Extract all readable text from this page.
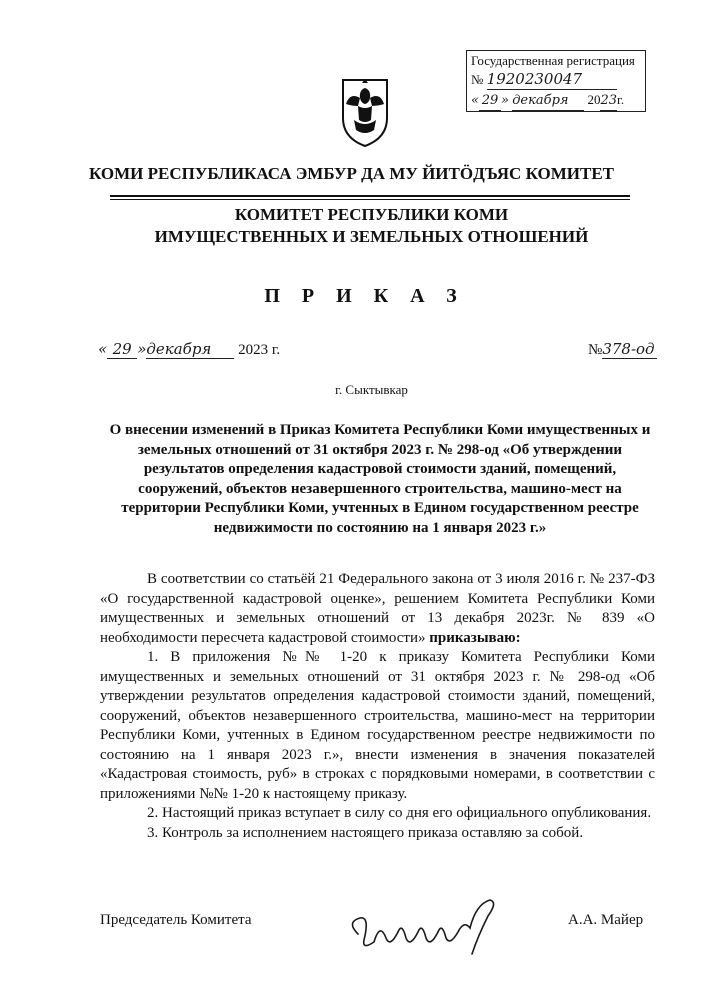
Государственная регистрация
№ 1920230047
« 29 » декабря 2023г.
КОМИ РЕСПУБЛИКАСА ЭМБУР ДА МУ ЙИТÖДЪЯС КОМИТЕТ
КОМИТЕТ РЕСПУБЛИКИ КОМИ
ИМУЩЕСТВЕННЫХ И ЗЕМЕЛЬНЫХ ОТНОШЕНИЙ
ПРИКАЗ
« 29 »декабря 2023 г.	№378-од
г. Сыктывкар
О внесении изменений в Приказ Комитета Республики Коми имущественных и земельных отношений от 31 октября 2023 г. № 298-од «Об утверждении результатов определения кадастровой стоимости зданий, помещений, сооружений, объектов незавершенного строительства, машино-мест на территории Республики Коми, учтенных в Едином государственном реестре недвижимости по состоянию на 1 января 2023 г.»

В соответствии со статьёй 21 Федерального закона от 3 июля 2016 г. № 237-ФЗ «О государственной кадастровой оценке», решением Комитета Республики Коми имущественных и земельных отношений от 13 декабря 2023г. № 839 «О необходимости пересчета кадастровой стоимости» приказываю:

1. В приложения №№ 1-20 к приказу Комитета Республики Коми имущественных и земельных отношений от 31 октября 2023 г. № 298-од «Об утверждении результатов определения кадастровой стоимости зданий, помещений, сооружений, объектов незавершенного строительства, машино-мест на территории Республики Коми, учтенных в Едином государственном реестре недвижимости по состоянию на 1 января 2023 г.», внести изменения в значения показателей «Кадастровая стоимость, руб» в строках с порядковыми номерами, в соответствии с приложениями №№ 1-20 к настоящему приказу.

2. Настоящий приказ вступает в силу со дня его официального опубликования.

3. Контроль за исполнением настоящего приказа оставляю за собой.

Председатель Комитета	А.А. Майер
